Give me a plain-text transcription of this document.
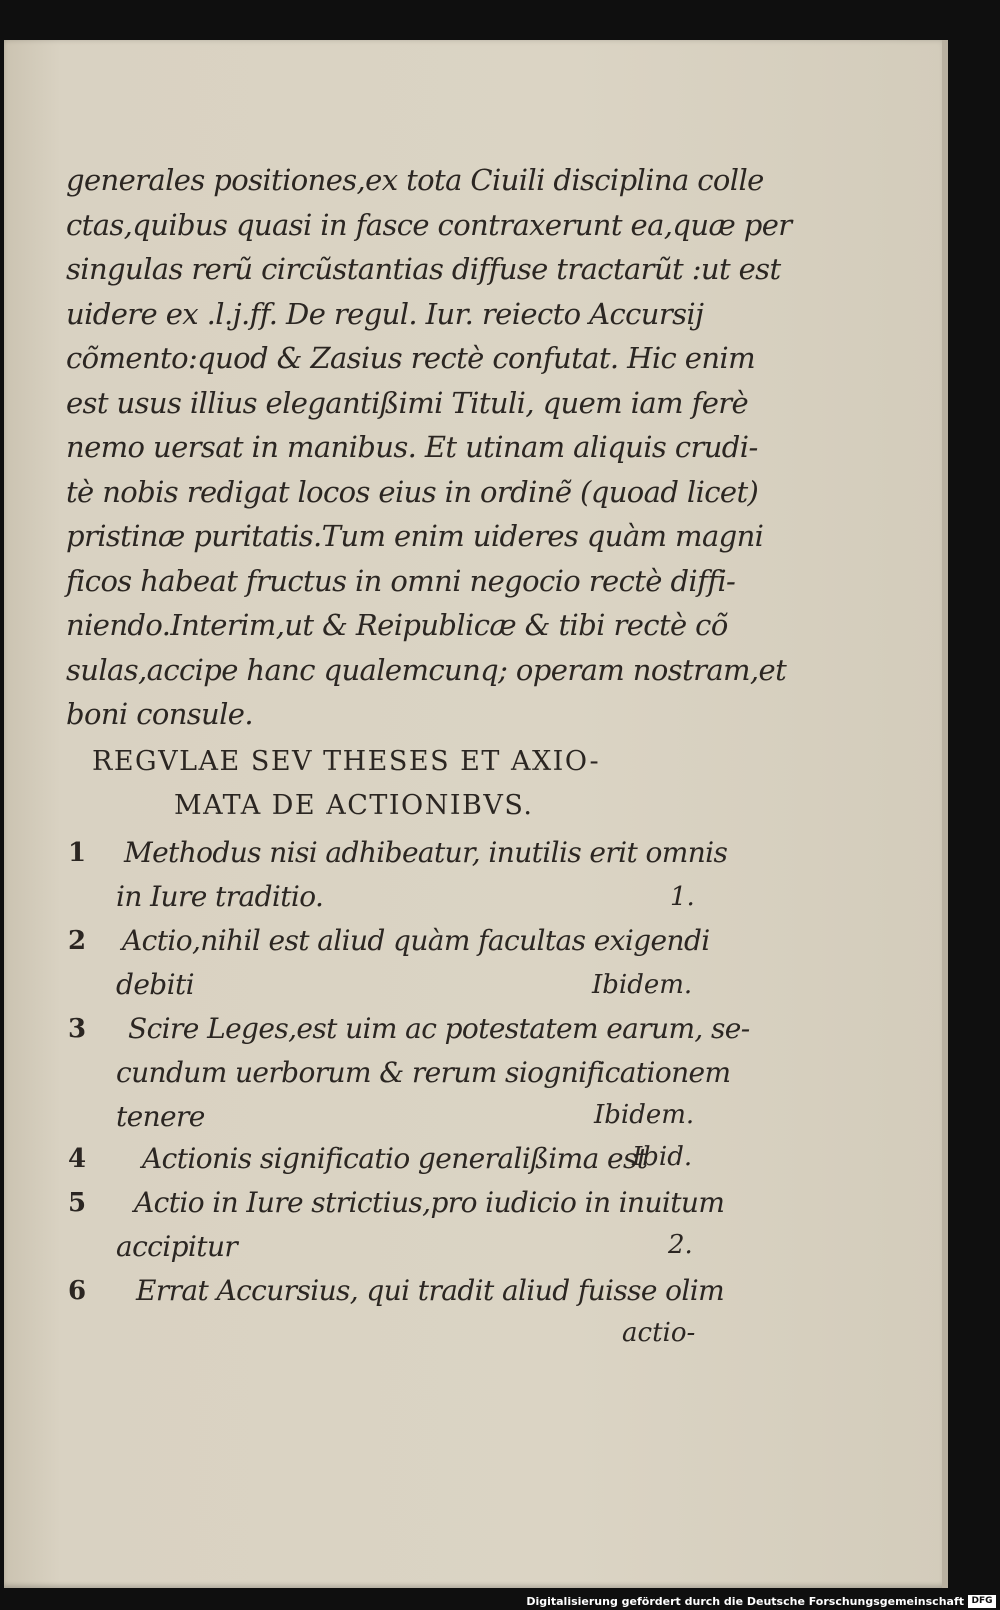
generales positiones,ex tota Ciuili disciplina colle
ctas,quibus quasi in fasce contraxerunt ea,quæ per
singulas rerũ circũstantias diffuse tractarũt :ut est
uidere ex .l.j.ff. De regul. Iur. reiecto Accursij
cõmento:quod & Zasius rectè confutat. Hic enim
est usus illius elegantißimi Tituli, quem iam ferè
nemo uersat in manibus. Et utinam aliquis crudi-
tè nobis redigat locos eius in ordinẽ (quoad licet)
pristinæ puritatis.Tum enim uideres quàm magni
ficos habeat fructus in omni negocio rectè diffi-
niendo.Interim,ut & Reipublicæ & tibi rectè cõ
sulas,accipe hanc qualemcunq; operam nostram,et
boni consule.
REGVLAE SEV THESES ET AXIO-
MATA DE ACTIONIBVS.
1 Methodus nisi adhibeatur, inutilis erit omnis
in Iure traditio.	1.
2 Actio,nihil est aliud quàm facultas exigendi
debiti	Ibidem.
3 Scire Leges,est uim ac potestatem earum, se-
cundum uerborum & rerum siognificationem
tenere	Ibidem.
4 Actionis significatio generalißima est
Ibid.
5 Actio in Iure strictius,pro iudicio in inuitum
accipitur	2.
6 Errat Accursius, qui tradit aliud fuisse olim
actio-
Digitalisierung gefördert durch die Deutsche Forschungsgemeinschaft DFG
